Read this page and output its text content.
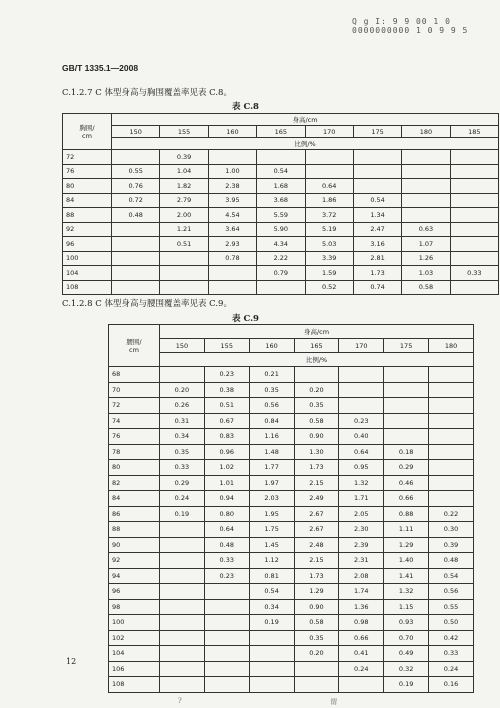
Q g I: 9 9 00 1 0 0000000000 1 0 9 9 5
GB/T 1335.1—2008
C.1.2.7 C 体型身高与胸围覆盖率见表 C.8。
表 C.8
胸围/
cm	身高/cm							
	150	155	160	165	170	175	180	185
	比例/%							
72		0.39						
76	0.55	1.04	1.00	0.54				
80	0.76	1.82	2.38	1.68	0.64			
84	0.72	2.79	3.95	3.68	1.86	0.54		
88	0.48	2.00	4.54	5.59	3.72	1.34		
92		1.21	3.64	5.90	5.19	2.47	0.63	
96		0.51	2.93	4.34	5.03	3.16	1.07	
100			0.78	2.22	3.39	2.81	1.26	
104				0.79	1.59	1.73	1.03	0.33
108					0.52	0.74	0.58	
C.1.2.8 C 体型身高与腰围覆盖率见表 C.9。
表 C.9
腰围/
cm	身高/cm						
	150	155	160	165	170	175	180
	比例/%						
68		0.23	0.21				
70	0.20	0.38	0.35	0.20			
72	0.26	0.51	0.56	0.35			
74	0.31	0.67	0.84	0.58	0.23		
76	0.34	0.83	1.16	0.90	0.40		
78	0.35	0.96	1.48	1.30	0.64	0.18	
80	0.33	1.02	1.77	1.73	0.95	0.29	
82	0.29	1.01	1.97	2.15	1.32	0.46	
84	0.24	0.94	2.03	2.49	1.71	0.66	
86	0.19	0.80	1.95	2.67	2.05	0.88	0.22
88		0.64	1.75	2.67	2.30	1.11	0.30
90		0.48	1.45	2.48	2.39	1.29	0.39
92		0.33	1.12	2.15	2.31	1.40	0.48
94		0.23	0.81	1.73	2.08	1.41	0.54
96			0.54	1.29	1.74	1.32	0.56
98			0.34	0.90	1.36	1.15	0.55
100			0.19	0.58	0.98	0.93	0.50
102				0.35	0.66	0.70	0.42
104				0.20	0.41	0.49	0.33
106					0.24	0.32	0.24
108						0.19	0.16
12
?	谓
